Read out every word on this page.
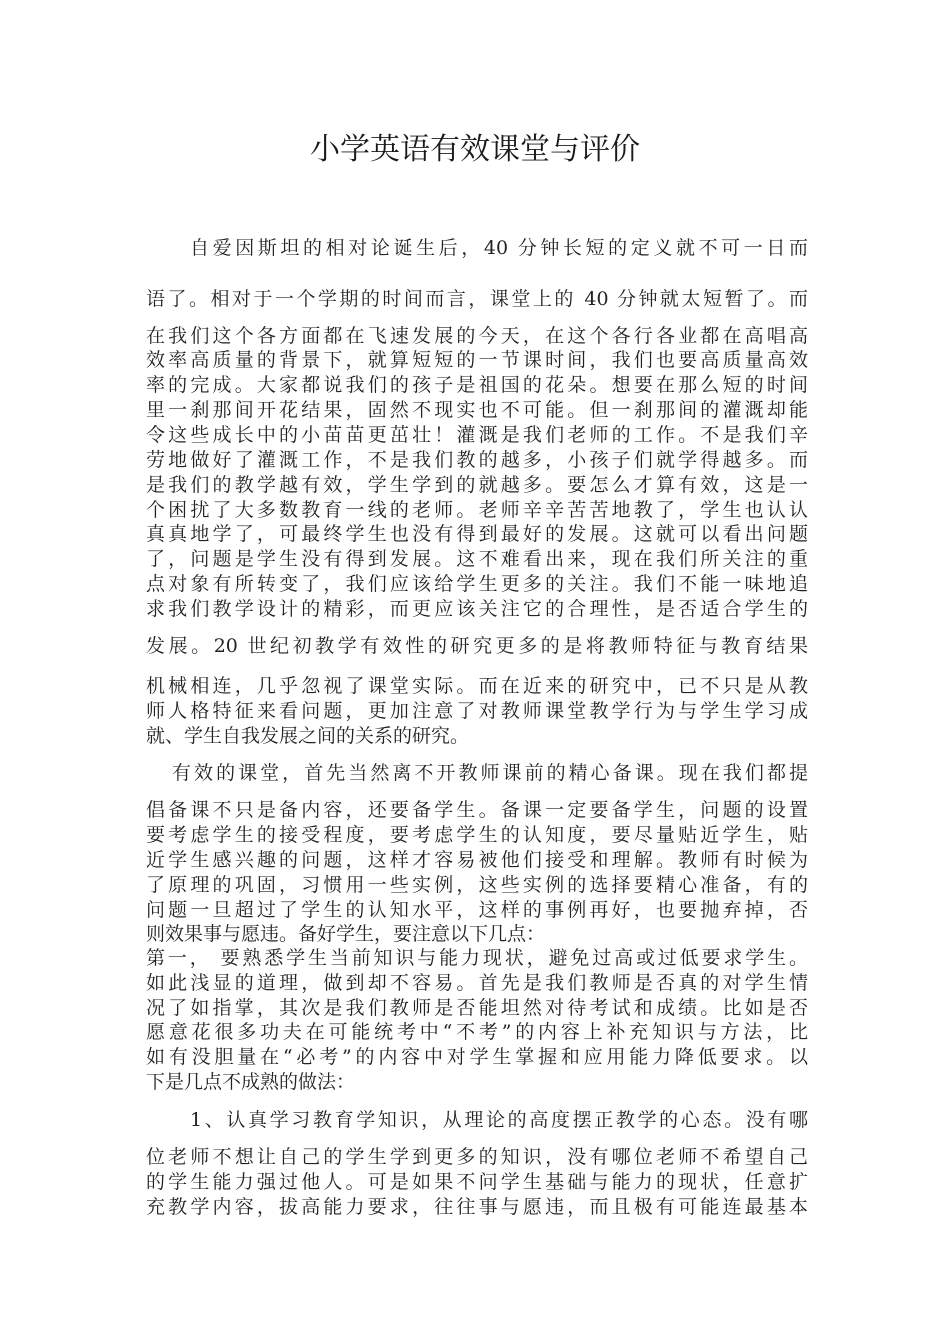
小学英语有效课堂与评价
自爱因斯坦的相对论诞生后，40 分钟长短的定义就不可一日而
语了。相对于一个学期的时间而言，课堂上的 40 分钟就太短暂了。而
在我们这个各方面都在飞速发展的今天，在这个各行各业都在高唱高
效率高质量的背景下，就算短短的一节课时间，我们也要高质量高效
率的完成。大家都说我们的孩子是祖国的花朵。想要在那么短的时间
里一刹那间开花结果，固然不现实也不可能。但一刹那间的灌溉却能
令这些成长中的小苗苗更茁壮！灌溉是我们老师的工作。不是我们辛
劳地做好了灌溉工作，不是我们教的越多，小孩子们就学得越多。而
是我们的教学越有效，学生学到的就越多。要怎么才算有效，这是一
个困扰了大多数教育一线的老师。老师辛辛苦苦地教了，学生也认认
真真地学了，可最终学生也没有得到最好的发展。这就可以看出问题
了，问题是学生没有得到发展。这不难看出来，现在我们所关注的重
点对象有所转变了，我们应该给学生更多的关注。我们不能一味地追
求我们教学设计的精彩，而更应该关注它的合理性，是否适合学生的
发展。20 世纪初教学有效性的研究更多的是将教师特征与教育结果
机械相连，几乎忽视了课堂实际。而在近来的研究中，已不只是从教
师人格特征来看问题，更加注意了对教师课堂教学行为与学生学习成
就、学生自我发展之间的关系的研究。
有效的课堂，首先当然离不开教师课前的精心备课。现在我们都提
倡备课不只是备内容，还要备学生。备课一定要备学生，问题的设置
要考虑学生的接受程度，要考虑学生的认知度，要尽量贴近学生，贴
近学生感兴趣的问题，这样才容易被他们接受和理解。教师有时候为
了原理的巩固，习惯用一些实例，这些实例的选择要精心准备，有的
问题一旦超过了学生的认知水平，这样的事例再好，也要抛弃掉，否
则效果事与愿违。备好学生，要注意以下几点：
第一， 要熟悉学生当前知识与能力现状，避免过高或过低要求学生。
如此浅显的道理，做到却不容易。首先是我们教师是否真的对学生情
况了如指掌，其次是我们教师是否能坦然对待考试和成绩。比如是否
愿意花很多功夫在可能统考中“不考”的内容上补充知识与方法，比
如有没胆量在“必考”的内容中对学生掌握和应用能力降低要求。以
下是几点不成熟的做法：
1、认真学习教育学知识，从理论的高度摆正教学的心态。没有哪
位老师不想让自己的学生学到更多的知识，没有哪位老师不希望自己
的学生能力强过他人。可是如果不问学生基础与能力的现状，任意扩
充教学内容，拔高能力要求，往往事与愿违，而且极有可能连最基本
